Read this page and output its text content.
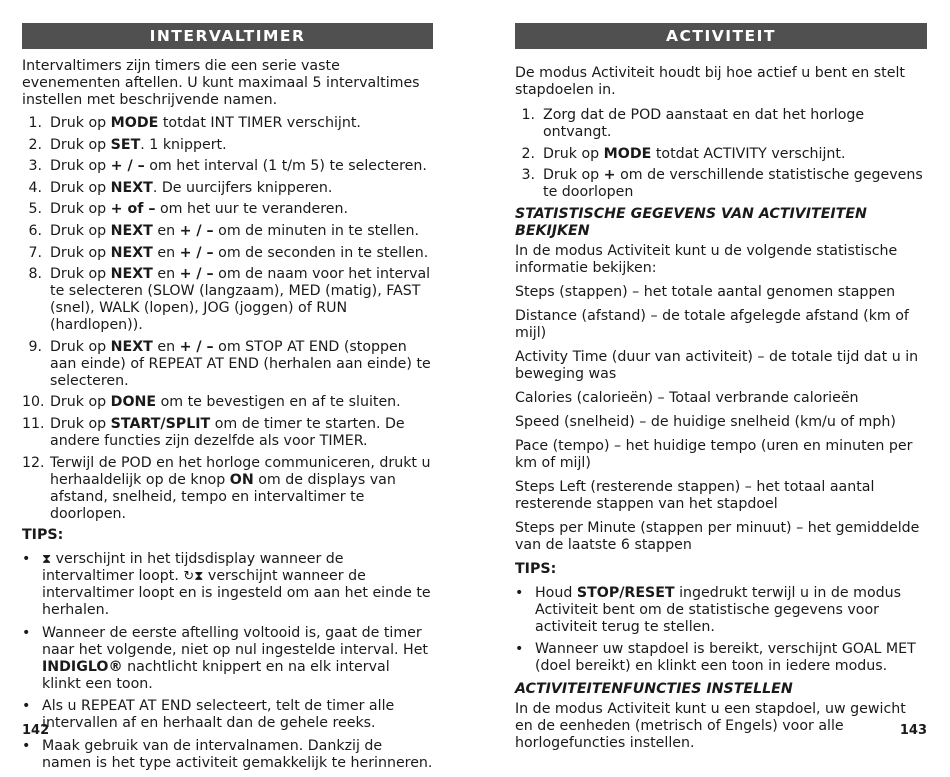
INTERVALTIMER

Intervaltimers zijn timers die een serie vaste evenementen aftellen. U kunt maximaal 5 intervaltimes instellen met beschrijvende namen.

1. Druk op MODE totdat INT TIMER verschijnt.
2. Druk op SET. 1 knippert.
3. Druk op + / – om het interval (1 t/m 5) te selecteren.
4. Druk op NEXT. De uurcijfers knipperen.
5. Druk op + of – om het uur te veranderen.
6. Druk op NEXT en + / – om de minuten in te stellen.
7. Druk op NEXT en + / – om de seconden in te stellen.
8. Druk op NEXT en + / – om de naam voor het interval te selecteren (SLOW (langzaam), MED (matig), FAST (snel), WALK (lopen), JOG (joggen) of RUN (hardlopen)).
9. Druk op NEXT en + / – om STOP AT END (stoppen aan einde) of REPEAT AT END (herhalen aan einde) te selecteren.
10. Druk op DONE om te bevestigen en af te sluiten.
11. Druk op START/SPLIT om de timer te starten. De andere functies zijn dezelfde als voor TIMER.
12. Terwijl de POD en het horloge communiceren, drukt u herhaaldelijk op de knop ON om de displays van afstand, snelheid, tempo en intervaltimer te doorlopen.
TIPS:
• ⧗ verschijnt in het tijdsdisplay wanneer de intervaltimer loopt. ↻⧗ verschijnt wanneer de intervaltimer loopt en is ingesteld om aan het einde te herhalen.
• Wanneer de eerste aftelling voltooid is, gaat de timer naar het volgende, niet op nul ingestelde interval. Het INDIGLO® nachtlicht knippert en na elk interval klinkt een toon.
• Als u REPEAT AT END selecteert, telt de timer alle intervallen af en herhaalt dan de gehele reeks.
• Maak gebruik van de intervalnamen. Dankzij de namen is het type activiteit gemakkelijk te herinneren.
142
ACTIVITEIT

De modus Activiteit houdt bij hoe actief u bent en stelt stapdoelen in.

1. Zorg dat de POD aanstaat en dat het horloge ontvangt.
2. Druk op MODE totdat ACTIVITY verschijnt.
3. Druk op + om de verschillende statistische gegevens te doorlopen
STATISTISCHE GEGEVENS VAN ACTIVITEITEN BEKIJKEN

In de modus Activiteit kunt u de volgende statistische informatie bekijken:

Steps (stappen) – het totale aantal genomen stappen
Distance (afstand) – de totale afgelegde afstand (km of mijl)
Activity Time (duur van activiteit) – de totale tijd dat u in beweging was
Calories (calorieën) – Totaal verbrande calorieën
Speed (snelheid) – de huidige snelheid (km/u of mph)
Pace (tempo) – het huidige tempo (uren en minuten per km of mijl)
Steps Left (resterende stappen) – het totaal aantal resterende stappen van het stapdoel
Steps per Minute (stappen per minuut) – het gemiddelde van de laatste 6 stappen
TIPS:
• Houd STOP/RESET ingedrukt terwijl u in de modus Activiteit bent om de statistische gegevens voor activiteit terug te stellen.
• Wanneer uw stapdoel is bereikt, verschijnt GOAL MET (doel bereikt) en klinkt een toon in iedere modus.
ACTIVITEITENFUNCTIES INSTELLEN

In de modus Activiteit kunt u een stapdoel, uw gewicht en de eenheden (metrisch of Engels) voor alle horlogefuncties instellen.

143
